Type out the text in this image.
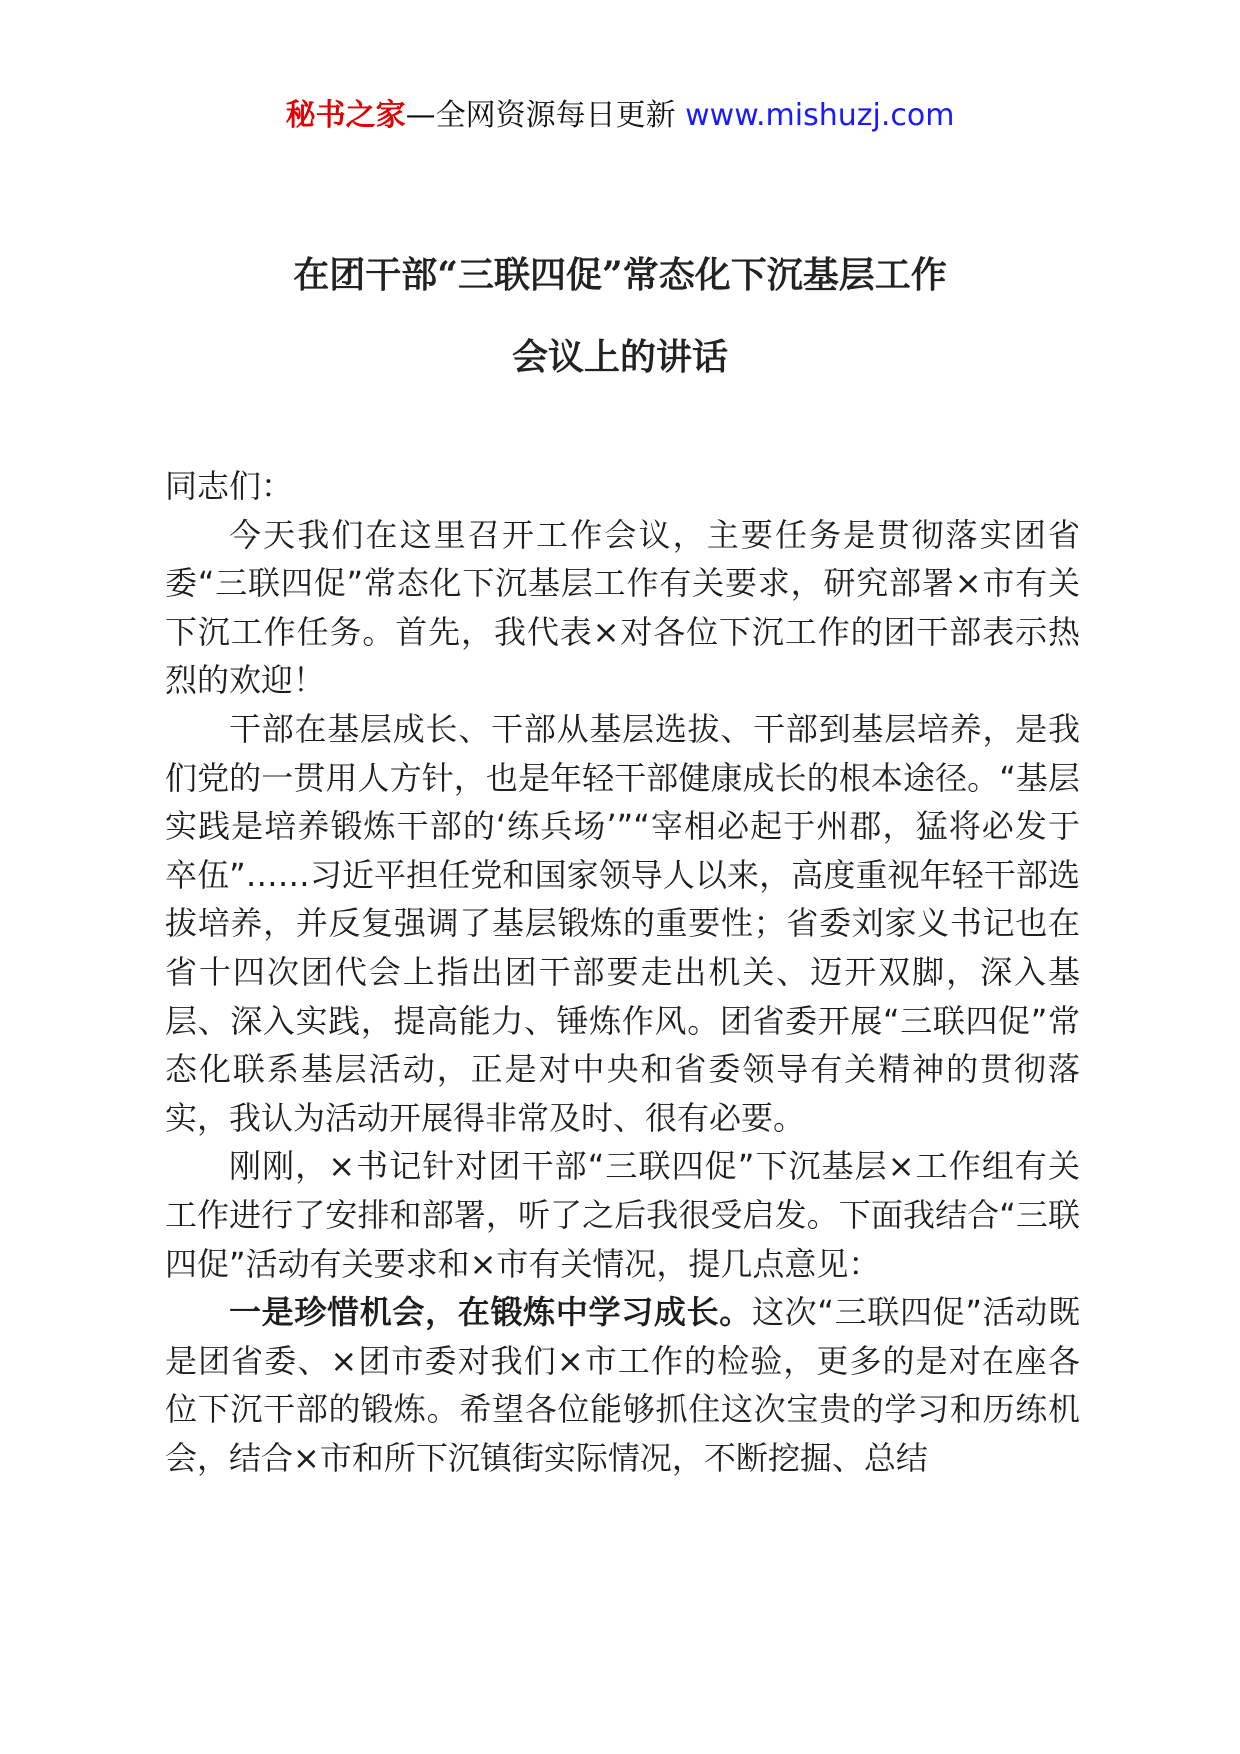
秘书之家—全网资源每日更新 www.mishuzj.com
在团干部“三联四促”常态化下沉基层工作
会议上的讲话

同志们：

今天我们在这里召开工作会议，主要任务是贯彻落实团省委“三联四促”常态化下沉基层工作有关要求，研究部署×市有关下沉工作任务。首先，我代表×对各位下沉工作的团干部表示热烈的欢迎！

干部在基层成长、干部从基层选拔、干部到基层培养，是我们党的一贯用人方针，也是年轻干部健康成长的根本途径。“基层实践是培养锻炼干部的‘练兵场’”“宰相必起于州郡，猛将必发于卒伍”……习近平担任党和国家领导人以来，高度重视年轻干部选拔培养，并反复强调了基层锻炼的重要性；省委刘家义书记也在省十四次团代会上指出团干部要走出机关、迈开双脚，深入基层、深入实践，提高能力、锤炼作风。团省委开展“三联四促”常态化联系基层活动，正是对中央和省委领导有关精神的贯彻落实，我认为活动开展得非常及时、很有必要。

刚刚，×书记针对团干部“三联四促”下沉基层×工作组有关工作进行了安排和部署，听了之后我很受启发。下面我结合“三联四促”活动有关要求和×市有关情况，提几点意见：

一是珍惜机会，在锻炼中学习成长。这次“三联四促”活动既是团省委、×团市委对我们×市工作的检验，更多的是对在座各位下沉干部的锻炼。希望各位能够抓住这次宝贵的学习和历练机会，结合×市和所下沉镇街实际情况，不断挖掘、总结
